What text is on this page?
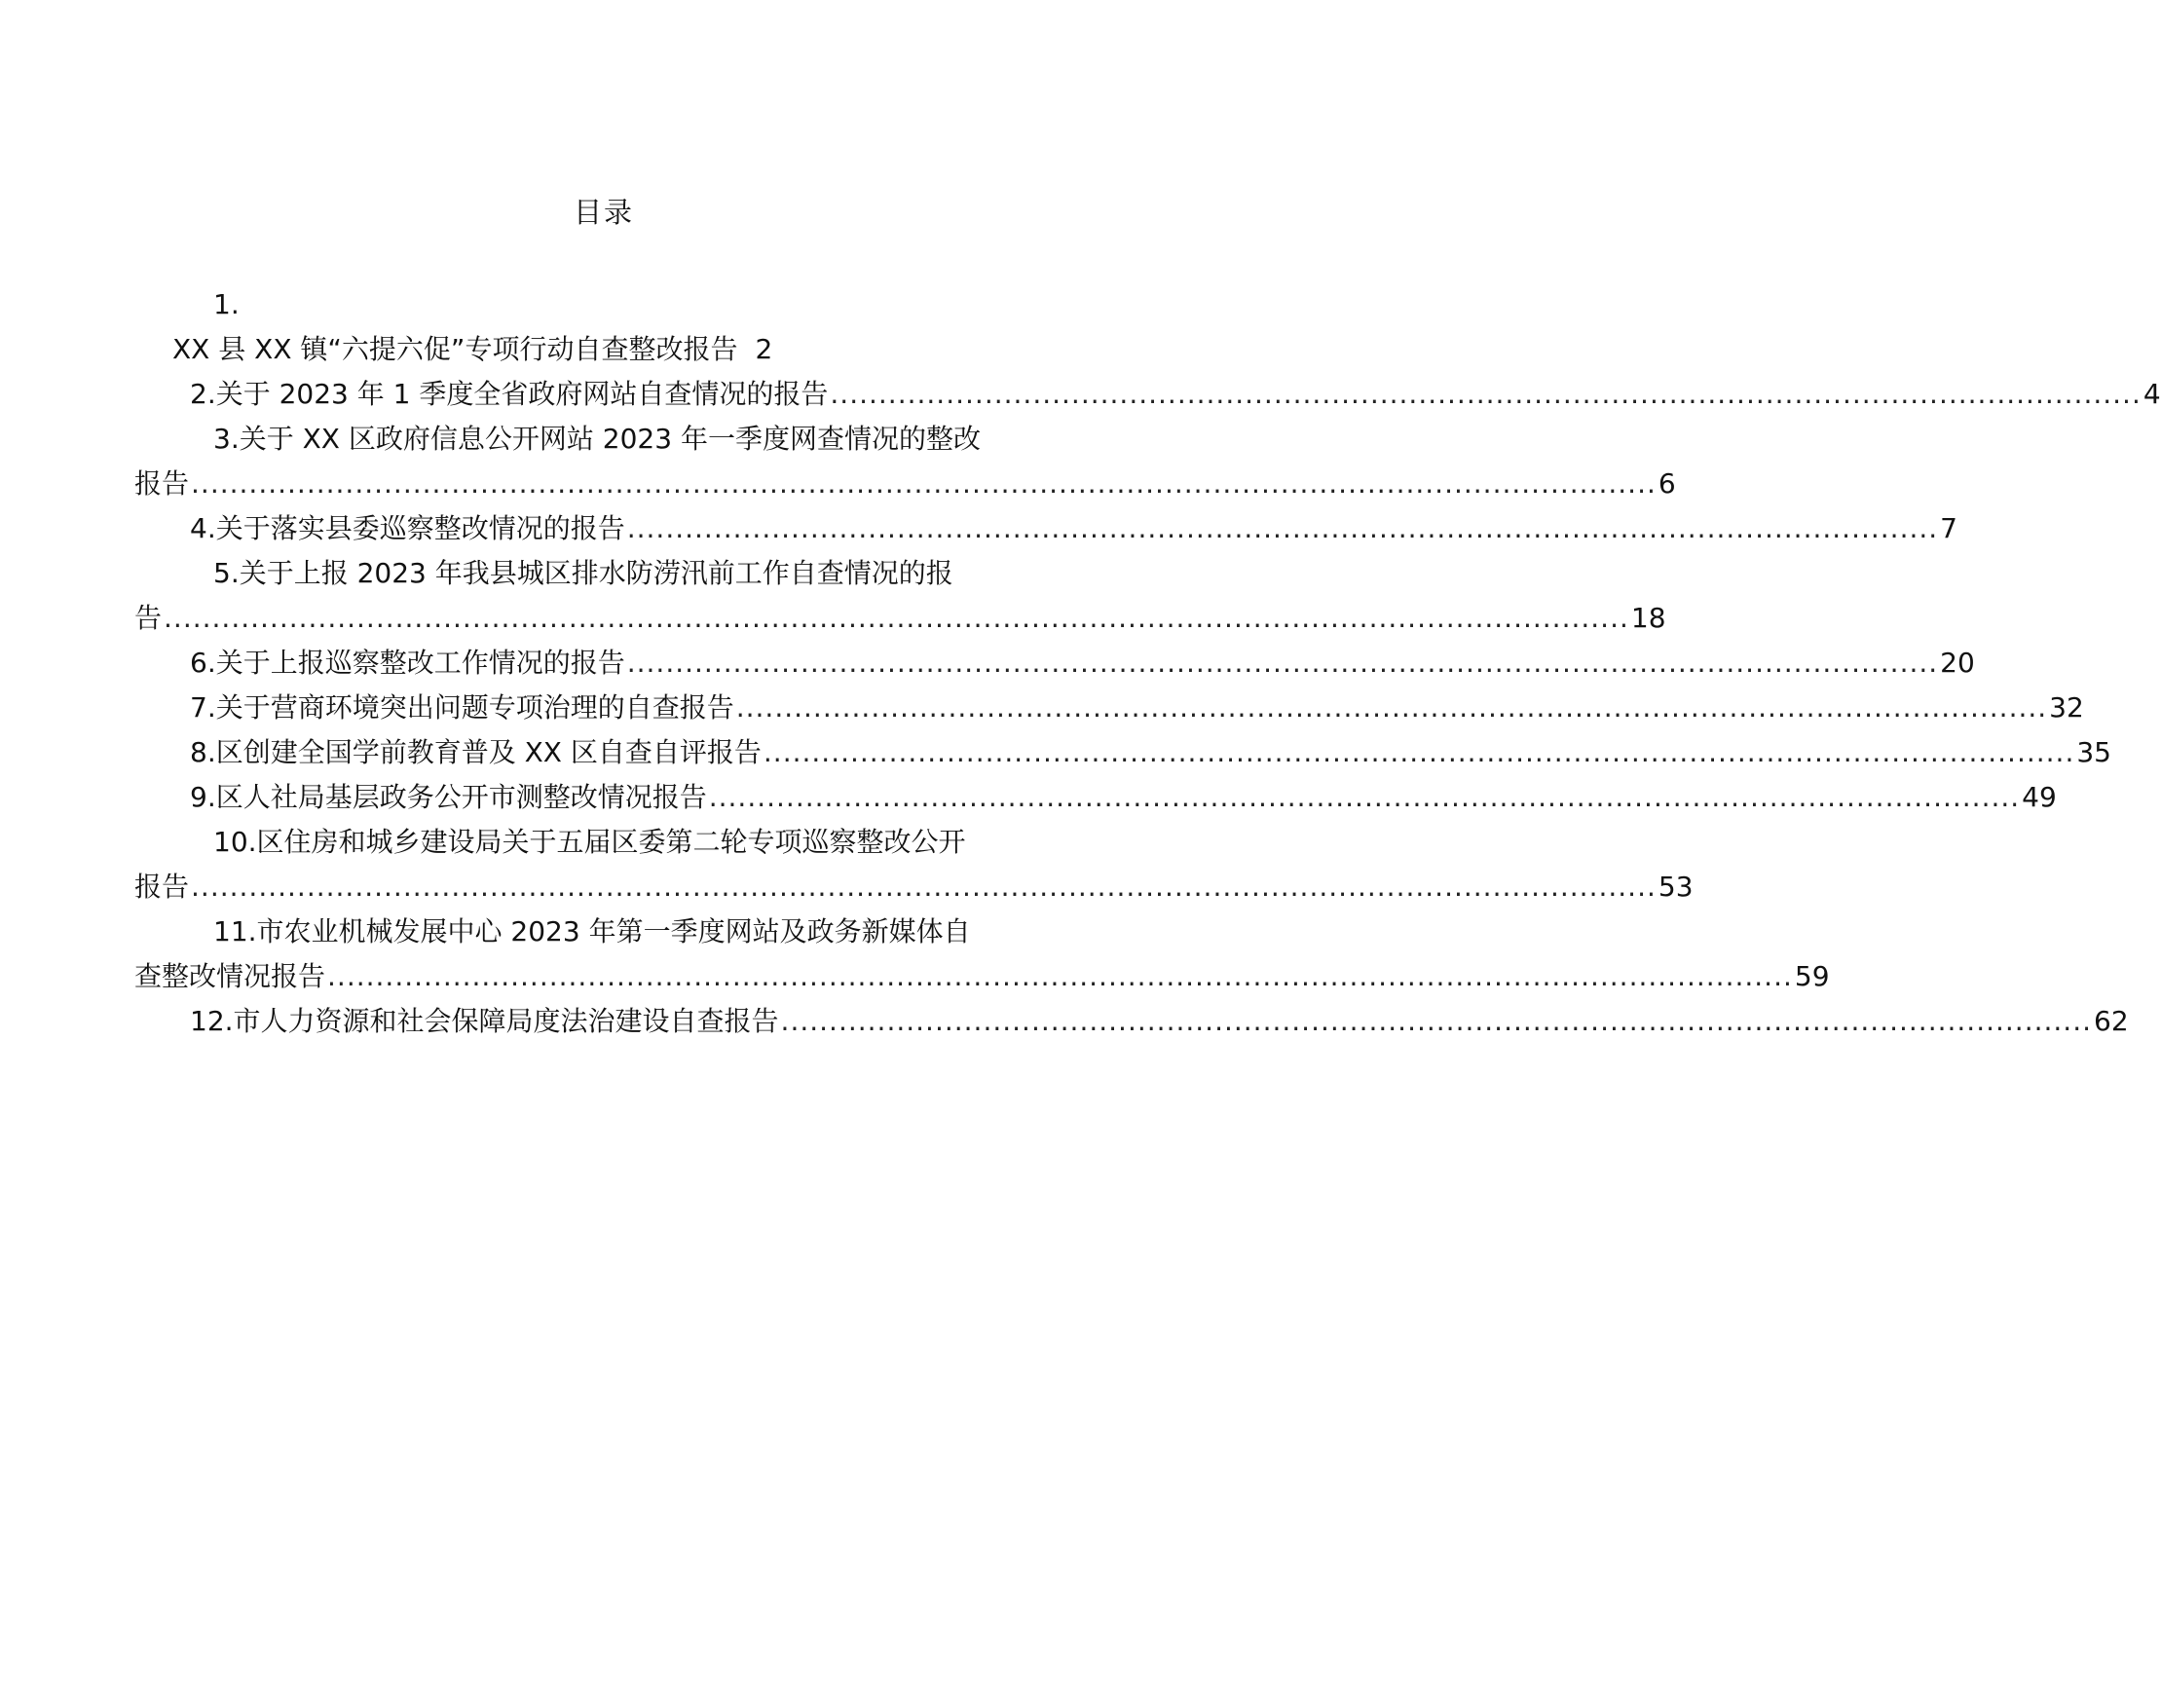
目录
1.
XX 县 XX 镇“六提六促”专项行动自查整改报告 2
2.关于 2023 年 1 季度全省政府网站自查情况的报告 ........................................................................................................................................ 4
3.关于 XX 区政府信息公开网站 2023 年一季度网查情况的整改
报告 ........................................................................................................................................................ 6
4.关于落实县委巡察整改情况的报告 ........................................................................................................................................ 7
5.关于上报 2023 年我县城区排水防涝汛前工作自查情况的报
告 ........................................................................................................................................................ 18
6.关于上报巡察整改工作情况的报告 ........................................................................................................................................ 20
7.关于营商环境突出问题专项治理的自查报告 ........................................................................................................................................ 32
8.区创建全国学前教育普及 XX 区自查自评报告 ........................................................................................................................................ 35
9.区人社局基层政务公开市测整改情况报告 ........................................................................................................................................ 49
10.区住房和城乡建设局关于五届区委第二轮专项巡察整改公开
报告 ........................................................................................................................................................ 53
11.市农业机械发展中心 2023 年第一季度网站及政务新媒体自
查整改情况报告 ........................................................................................................................................................ 59
12.市人力资源和社会保障局度法治建设自查报告 ........................................................................................................................................ 62
